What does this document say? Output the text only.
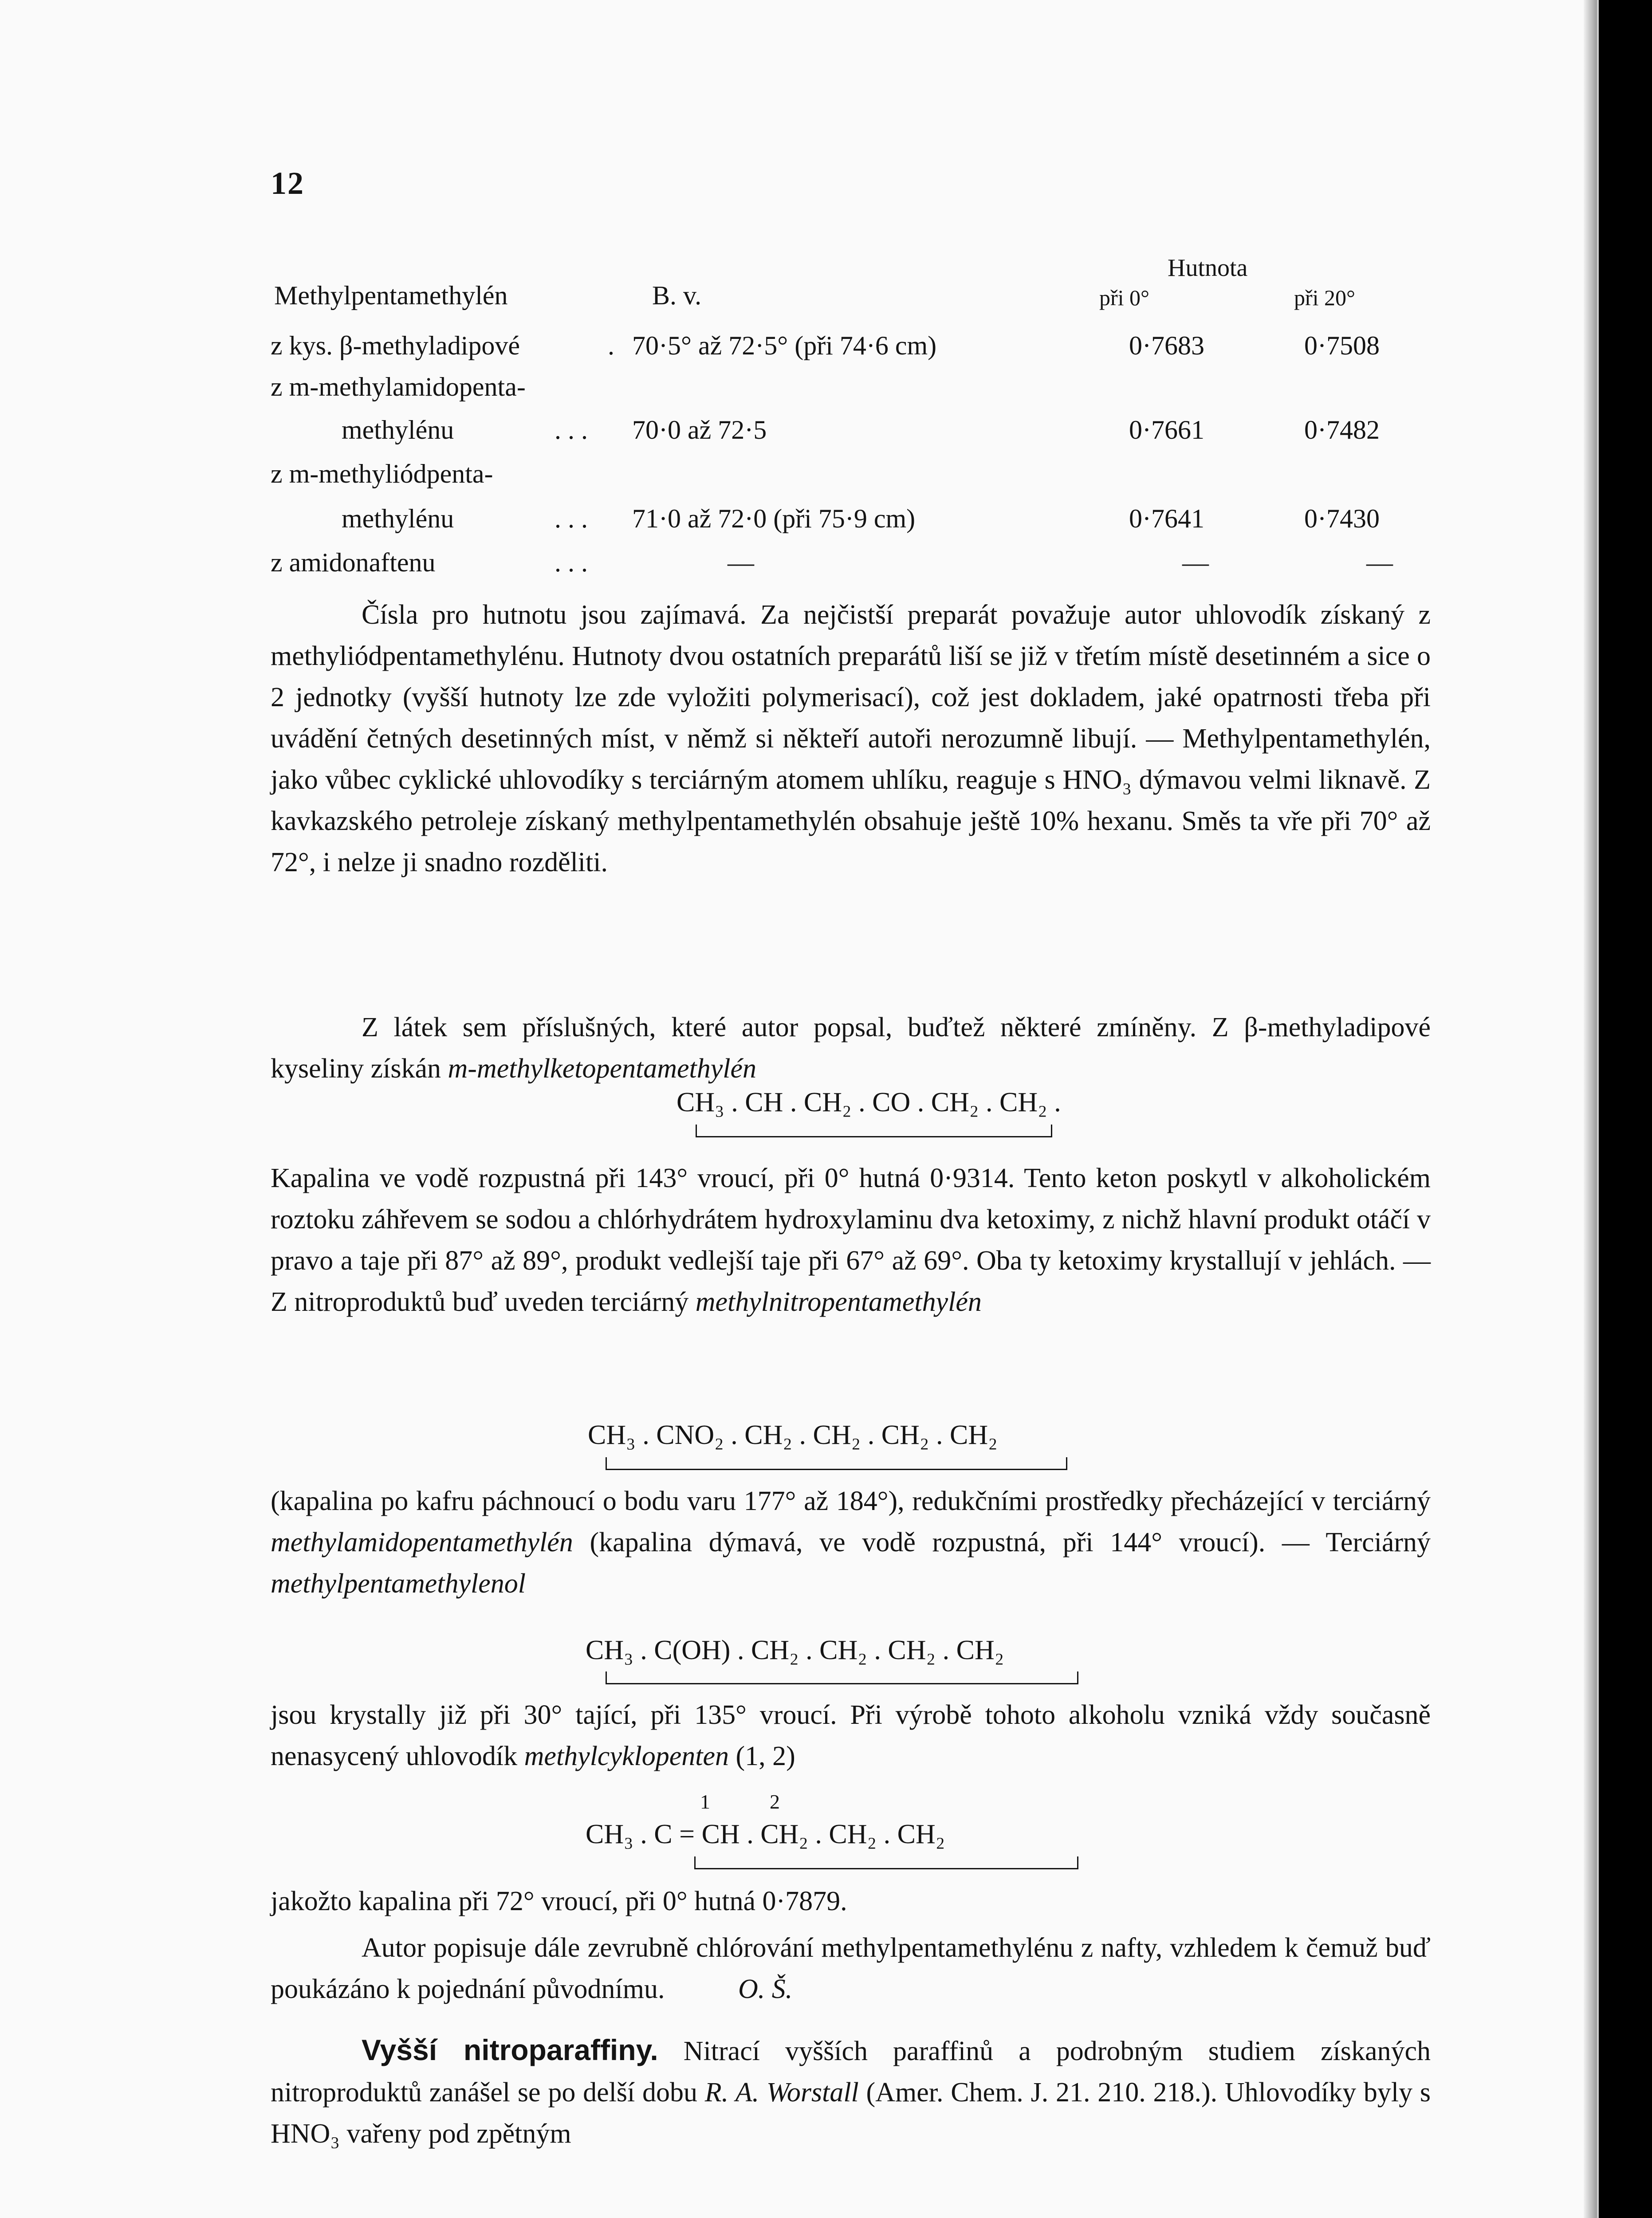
12
Methylpentamethylén	B. v.
Hutnota
při 0°	při 20°
z kys. β-methyladipové	. 70·5° až 72·5° (při 74·6 cm)	0·7683	0·7508
z m-methylamidopenta-
methylénu	. . . 70·0 až 72·5	0·7661	0·7482
z m-methyliódpenta-
methylénu	. . . 71·0 až 72·0 (při 75·9 cm)	0·7641	0·7430
z amidonaftenu	. . .	—	—	—
Čísla pro hutnotu jsou zajímavá. Za nejčistší preparát považuje autor uhlovodík získaný z methyliódpentamethylénu. Hutnoty dvou ostatních preparátů liší se již v třetím místě desetinném a sice o 2 jednotky (vyšší hutnoty lze zde vyložiti polymerisací), což jest dokladem, jaké opatrnosti třeba při uvádění četných desetinných míst, v němž si někteří autoři nerozumně libují. — Methylpentamethylén, jako vůbec cyklické uhlovodíky s terciárným atomem uhlíku, reaguje s HNO₃ dýmavou velmi liknavě. Z kavkazského petroleje získaný methylpentamethylén obsahuje ještě 10% hexanu. Směs ta vře při 70° až 72°, i nelze ji snadno rozděliti.
Z látek sem příslušných, které autor popsal, buďtež některé zmíněny. Z β-methyladipové kyseliny získán m-methylketopentamethylén
CH₃ . CH . CH₂ . CO . CH₂ . CH₂ .
Kapalina ve vodě rozpustná při 143° vroucí, při 0° hutná 0·9314. Tento keton poskytl v alkoholickém roztoku záhřevem se sodou a chlórhydrátem hydroxylaminu dva ketoximy, z nichž hlavní produkt otáčí v pravo a taje při 87° až 89°, produkt vedlejší taje při 67° až 69°. Oba ty ketoximy krystallují v jehlách. — Z nitroproduktů buď uveden terciárný methylnitropentamethylén
CH₃ . CNO₂ . CH₂ . CH₂ . CH₂ . CH₂
(kapalina po kafru páchnoucí o bodu varu 177° až 184°), redukčními prostředky přecházející v terciárný methylamidopentamethylén (kapalina dýmavá, ve vodě rozpustná, při 144° vroucí). — Terciárný methylpentamethylenol
CH₃ . C(OH) . CH₂ . CH₂ . CH₂ . CH₂
jsou krystally již při 30° tající, při 135° vroucí. Při výrobě tohoto alkoholu vzniká vždy současně nenasycený uhlovodík methylcyklopenten (1, 2)
1	2
CH₃ . C = CH . CH₂ . CH₂ . CH₂
jakožto kapalina při 72° vroucí, při 0° hutná 0·7879.
Autor popisuje dále zevrubně chlórování methylpentamethylénu z nafty, vzhledem k čemuž buď poukázáno k pojednání původnímu.	O. Š.
Vyšší nitroparaffiny. Nitrací vyšších paraffinů a podrobným studiem získaných nitroproduktů zanášel se po delší dobu R. A. Worstall (Amer. Chem. J. 21. 210. 218.). Uhlovodíky byly s HNO₃ vařeny pod zpětným
